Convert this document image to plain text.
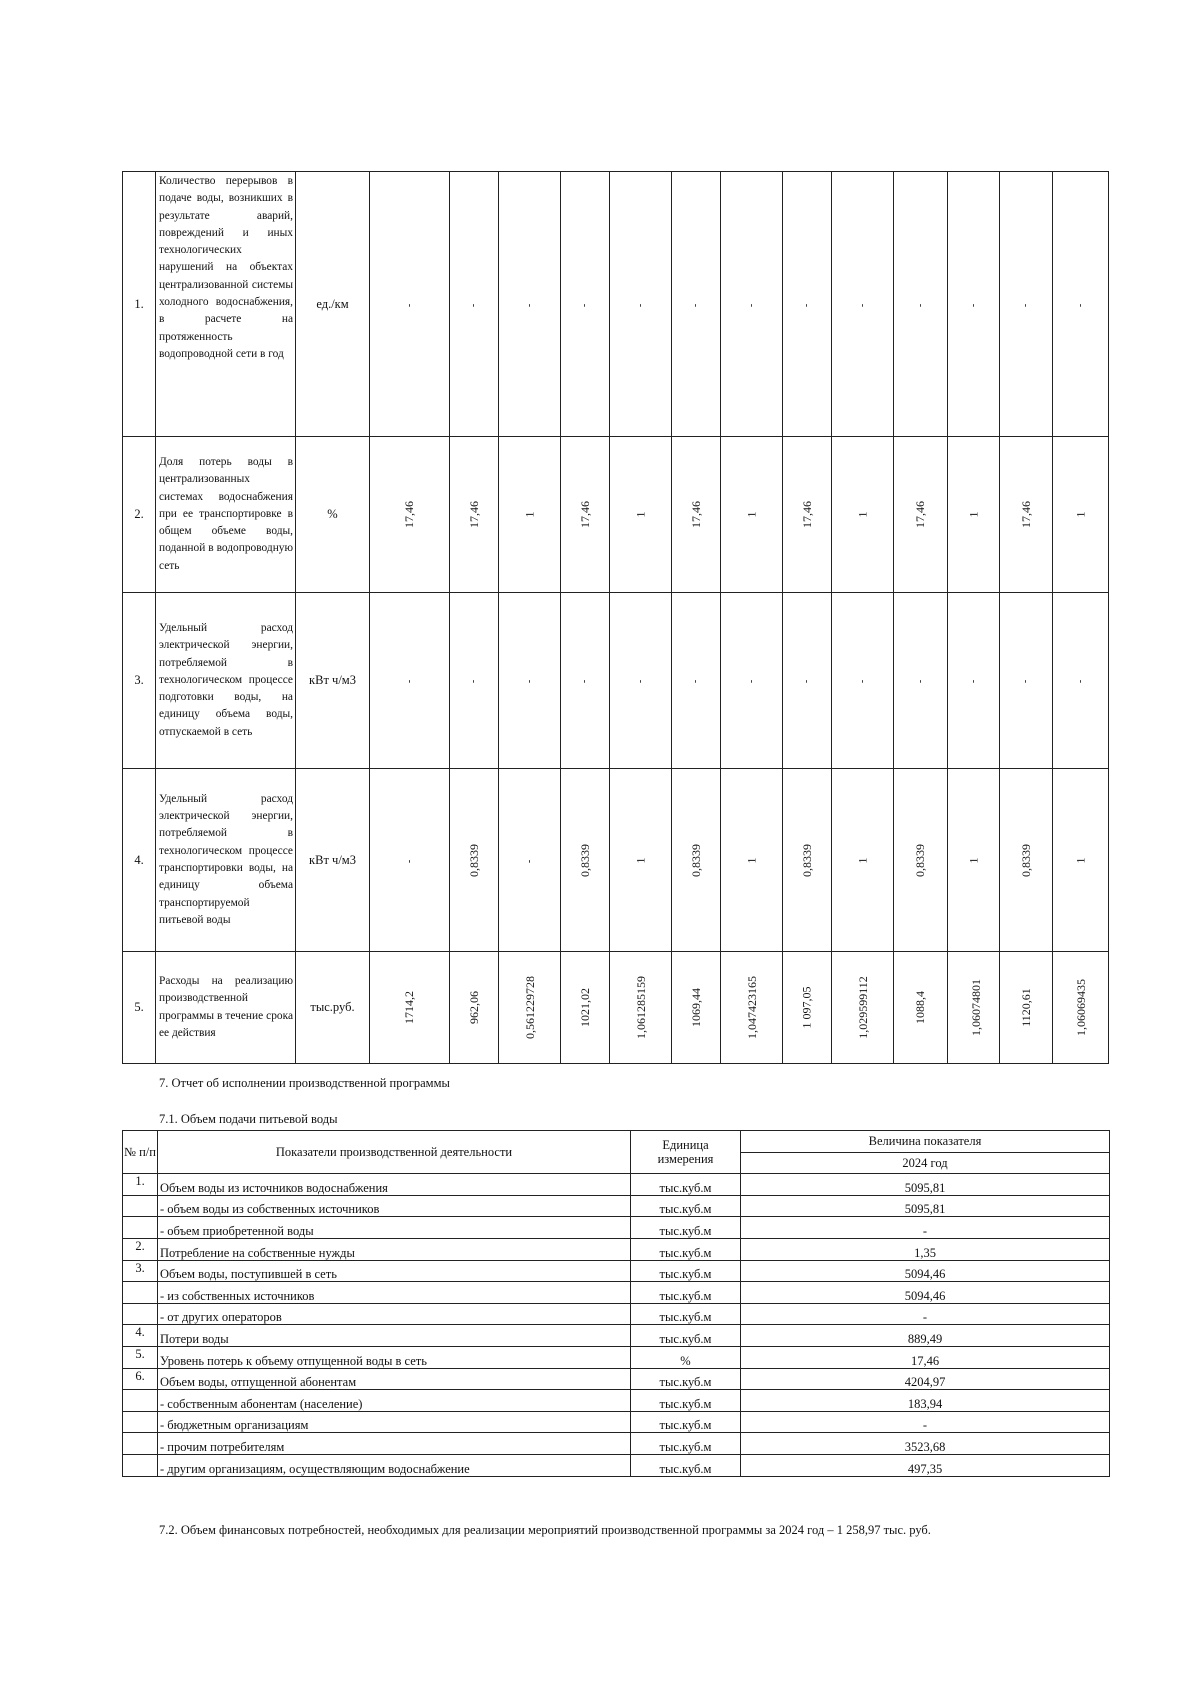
1.	Количество перерывов в подаче воды, возникших в результате аварий, повреждений и иных технологических нарушений на объектах централизованной системы холодного водоснабжения, в расчете на протяженность водопроводной сети в год	ед./км	-	-	-	-	-	-	-	-	-	-	-	-	-
2.	Доля потерь воды в централизованных системах водоснабжения при ее транспортировке в общем объеме воды, поданной в водопроводную сеть	%	17,46	17,46	1	17,46	1	17,46	1	17,46	1	17,46	1	17,46	1
3.	Удельный расход электрической энергии, потребляемой в технологическом процессе подготовки воды, на единицу объема воды, отпускаемой в сеть	кВт ч/м3	-	-	-	-	-	-	-	-	-	-	-	-	-
4.	Удельный расход электрической энергии, потребляемой в технологическом процессе транспортировки воды, на единицу объема транспортируемой питьевой воды	кВт ч/м3	-	0,8339	-	0,8339	1	0,8339	1	0,8339	1	0,8339	1	0,8339	1
5.	Расходы на реализацию производственной программы в течение срока ее действия	тыс.руб.	1714,2	962,06	0,561229728	1021,02	1,061285159	1069,44	1,047423165	1 097,05	1,029599112	1088,4	1,06074801	1120,61	1,06069435
7. Отчет об исполнении производственной программы
7.1. Объем подачи питьевой воды
№ п/п	Показатели производственной деятельности	Единица измерения	Величина показателя
			2024 год
1.	Объем воды из источников водоснабжения	тыс.куб.м	5095,81
	- объем воды из собственных источников	тыс.куб.м	5095,81
	- объем приобретенной воды	тыс.куб.м	-
2.	Потребление на собственные нужды	тыс.куб.м	1,35
3.	Объем воды, поступившей в сеть	тыс.куб.м	5094,46
	- из собственных источников	тыс.куб.м	5094,46
	- от других операторов	тыс.куб.м	-
4.	Потери воды	тыс.куб.м	889,49
5.	Уровень потерь к объему отпущенной воды в сеть	%	17,46
6.	Объем воды, отпущенной абонентам	тыс.куб.м	4204,97
	- собственным абонентам (население)	тыс.куб.м	183,94
	- бюджетным организациям	тыс.куб.м	-
	- прочим потребителям	тыс.куб.м	3523,68
	- другим организациям, осуществляющим водоснабжение	тыс.куб.м	497,35
7.2. Объем финансовых потребностей, необходимых для реализации мероприятий производственной программы за 2024 год – 1 258,97 тыс. руб.
